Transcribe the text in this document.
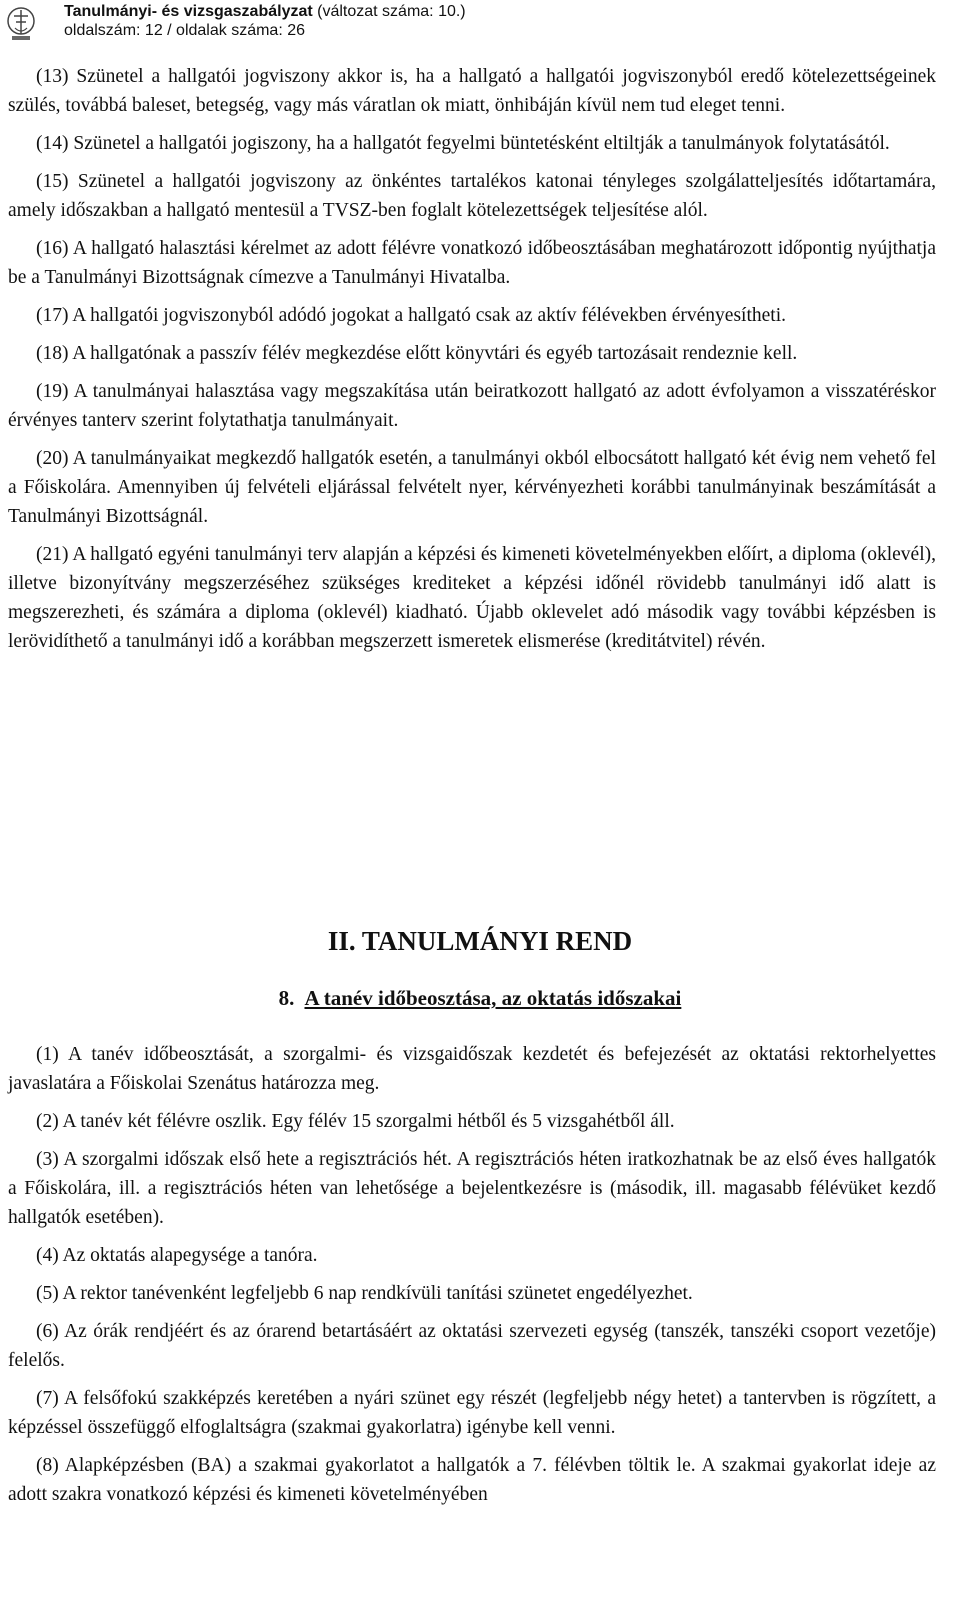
Tanulmányi- és vizsgaszabályzat (változat száma: 10.)
oldalszám: 12 / oldalak száma: 26

(13) Szünetel a hallgatói jogviszony akkor is, ha a hallgató a hallgatói jogviszonyból eredő kötelezettségeinek szülés, továbbá baleset, betegség, vagy más váratlan ok miatt, önhibáján kívül nem tud eleget tenni.

(14) Szünetel a hallgatói jogiszony, ha a hallgatót fegyelmi büntetésként eltiltják a tanulmányok folytatásától.

(15) Szünetel a hallgatói jogviszony az önkéntes tartalékos katonai tényleges szolgálatteljesítés időtartamára, amely időszakban a hallgató mentesül a TVSZ-ben foglalt kötelezettségek teljesítése alól.

(16) A hallgató halasztási kérelmet az adott félévre vonatkozó időbeosztásában meghatározott időpontig nyújthatja be a Tanulmányi Bizottságnak címezve a Tanulmányi Hivatalba.

(17) A hallgatói jogviszonyból adódó jogokat a hallgató csak az aktív félévekben érvényesítheti.

(18) A hallgatónak a passzív félév megkezdése előtt könyvtári és egyéb tartozásait rendeznie kell.

(19) A tanulmányai halasztása vagy megszakítása után beiratkozott hallgató az adott évfolyamon a visszatéréskor érvényes tanterv szerint folytathatja tanulmányait.

(20) A tanulmányaikat megkezdő hallgatók esetén, a tanulmányi okból elbocsátott hallgató két évig nem vehető fel a Főiskolára. Amennyiben új felvételi eljárással felvételt nyer, kérvényezheti korábbi tanulmányinak beszámítását a Tanulmányi Bizottságnál.

(21) A hallgató egyéni tanulmányi terv alapján a képzési és kimeneti követelményekben előírt, a diploma (oklevél), illetve bizonyítvány megszerzéséhez szükséges krediteket a képzési időnél rövidebb tanulmányi idő alatt is megszerezheti, és számára a diploma (oklevél) kiadható. Újabb oklevelet adó második vagy további képzésben is lerövidíthető a tanulmányi idő a korábban megszerzett ismeretek elismerése (kreditátvitel) révén.

II. TANULMÁNYI REND
8. A tanév időbeosztása, az oktatás időszakai

(1) A tanév időbeosztását, a szorgalmi- és vizsgaidőszak kezdetét és befejezését az oktatási rektorhelyettes javaslatára a Főiskolai Szenátus határozza meg.

(2) A tanév két félévre oszlik. Egy félév 15 szorgalmi hétből és 5 vizsgahétből áll.

(3) A szorgalmi időszak első hete a regisztrációs hét. A regisztrációs héten iratkozhatnak be az első éves hallgatók a Főiskolára, ill. a regisztrációs héten van lehetősége a bejelentkezésre is (második, ill. magasabb félévüket kezdő hallgatók esetében).

(4) Az oktatás alapegysége a tanóra.

(5) A rektor tanévenként legfeljebb 6 nap rendkívüli tanítási szünetet engedélyezhet.

(6) Az órák rendjéért és az órarend betartásáért az oktatási szervezeti egység (tanszék, tanszéki csoport vezetője) felelős.

(7) A felsőfokú szakképzés keretében a nyári szünet egy részét (legfeljebb négy hetet) a tantervben is rögzített, a képzéssel összefüggő elfoglaltságra (szakmai gyakorlatra) igénybe kell venni.

(8) Alapképzésben (BA) a szakmai gyakorlatot a hallgatók a 7. félévben töltik le. A szakmai gyakorlat ideje az adott szakra vonatkozó képzési és kimeneti követelményében
